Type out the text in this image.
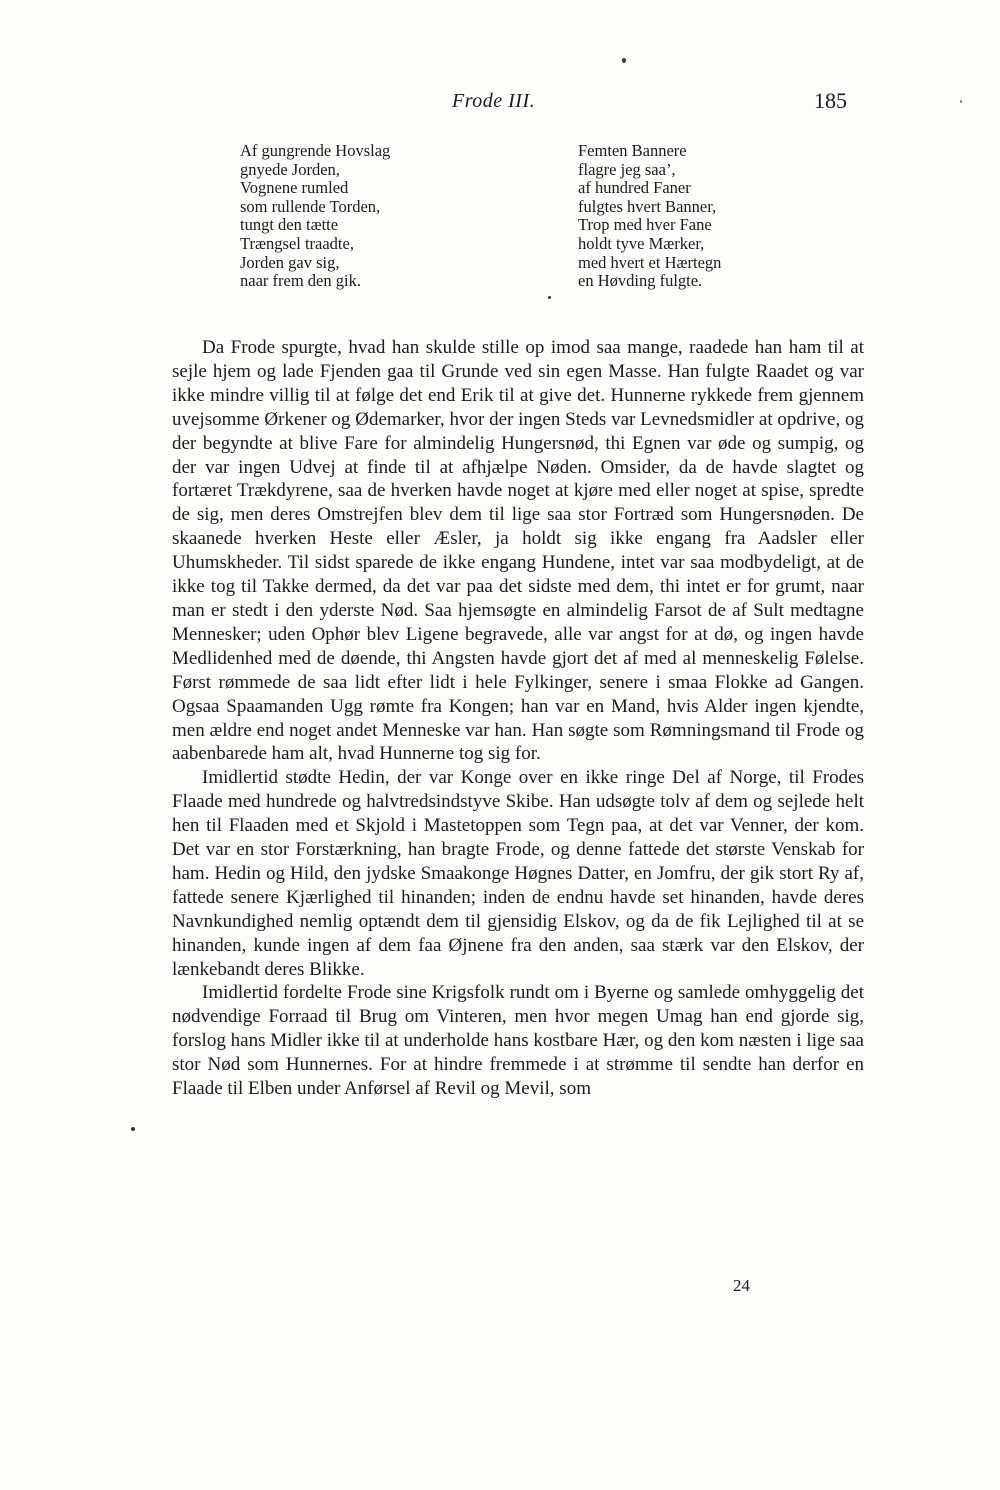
Frode III.	185
Af gungrende Hovslag
gnyede Jorden,
Vognene rumled
som rullende Torden,
tungt den tætte
Trængsel traadte,
Jorden gav sig,
naar frem den gik.
Femten Bannere
flagre jeg saa’,
af hundred Faner
fulgtes hvert Banner,
Trop med hver Fane
holdt tyve Mærker,
med hvert et Hærtegn
en Høvding fulgte.

Da Frode spurgte, hvad han skulde stille op imod saa mange, raadede han ham til at sejle hjem og lade Fjenden gaa til Grunde ved sin egen Masse. Han fulgte Raadet og var ikke mindre villig til at følge det end Erik til at give det. Hunnerne rykkede frem gjennem uvejsomme Ørkener og Ødemarker, hvor der ingen Steds var Levnedsmidler at opdrive, og der begyndte at blive Fare for almindelig Hungersnød, thi Egnen var øde og sumpig, og der var ingen Udvej at finde til at afhjælpe Nøden. Omsider, da de havde slagtet og fortæret Trækdyrene, saa de hverken havde noget at kjøre med eller noget at spise, spredte de sig, men deres Omstrejfen blev dem til lige saa stor Fortræd som Hungersnøden. De skaanede hverken Heste eller Æsler, ja holdt sig ikke engang fra Aadsler eller Uhumskheder. Til sidst sparede de ikke engang Hundene, intet var saa modbydeligt, at de ikke tog til Takke dermed, da det var paa det sidste med dem, thi intet er for grumt, naar man er stedt i den yderste Nød. Saa hjemsøgte en almindelig Farsot de af Sult medtagne Mennesker; uden Ophør blev Ligene begravede, alle var angst for at dø, og ingen havde Medlidenhed med de døende, thi Angsten havde gjort det af med al menneskelig Følelse. Først rømmede de saa lidt efter lidt i hele Fylkinger, senere i smaa Flokke ad Gangen. Ogsaa Spaamanden Ugg rømte fra Kongen; han var en Mand, hvis Alder ingen kjendte, men ældre end noget andet Menneske var han. Han søgte som Rømningsmand til Frode og aabenbarede ham alt, hvad Hunnerne tog sig for.

Imidlertid stødte Hedin, der var Konge over en ikke ringe Del af Norge, til Frodes Flaade med hundrede og halvtredsindstyve Skibe. Han udsøgte tolv af dem og sejlede helt hen til Flaaden med et Skjold i Mastetoppen som Tegn paa, at det var Venner, der kom. Det var en stor Forstærkning, han bragte Frode, og denne fattede det største Venskab for ham. Hedin og Hild, den jydske Smaakonge Høgnes Datter, en Jomfru, der gik stort Ry af, fattede senere Kjærlighed til hinanden; inden de endnu havde set hinanden, havde deres Navnkundighed nemlig optændt dem til gjensidig Elskov, og da de fik Lejlighed til at se hinanden, kunde ingen af dem faa Øjnene fra den anden, saa stærk var den Elskov, der lænkebandt deres Blikke.

Imidlertid fordelte Frode sine Krigsfolk rundt om i Byerne og samlede omhyggelig det nødvendige Forraad til Brug om Vinteren, men hvor megen Umag han end gjorde sig, forslog hans Midler ikke til at underholde hans kostbare Hær, og den kom næsten i lige saa stor Nød som Hunnernes. For at hindre fremmede i at strømme til sendte han derfor en Flaade til Elben under Anførsel af Revil og Mevil, som

24
